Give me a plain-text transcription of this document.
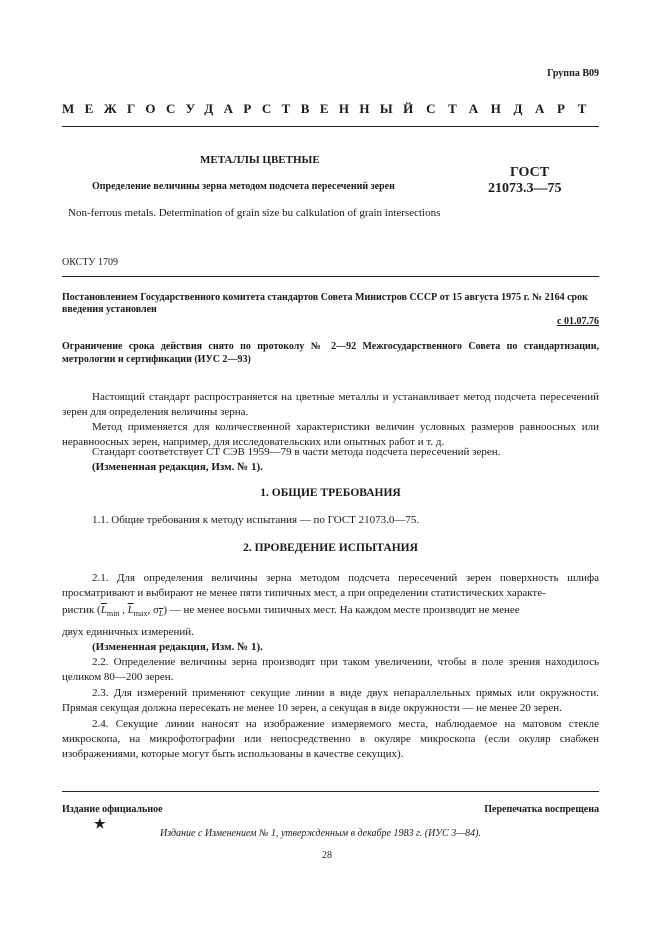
Группа В09
МЕЖГОСУДАРСТВЕННЫЙ СТАНДАРТ
МЕТАЛЛЫ ЦВЕТНЫЕ
Определение величины зерна методом подсчета пересечений зерен
ГОСТ
21073.3—75
Non-ferrous metals. Determination of grain size bu calkulation of grain intersections
ОКСТУ 1709
Постановлением Государственного комитета стандартов Совета Министров СССР от 15 августа 1975 г. № 2164 срок введения установлен
с 01.07.76
Ограничение срока действия снято по протоколу № 2—92 Межгосударственного Совета по стандартизации, метрологии и сертификации (ИУС 2—93)
Настоящий стандарт распространяется на цветные металлы и устанавливает метод подсчета пересечений зерен для определения величины зерна.
Метод применяется для количественной характеристики величин условных размеров равноосных или неравноосных зерен, например, для исследовательских или опытных работ и т. д.
Стандарт соответствует СТ СЭВ 1959—79 в части метода подсчета пересечений зерен.
(Измененная редакция, Изм. № 1).
1. ОБЩИЕ ТРЕБОВАНИЯ
1.1. Общие требования к методу испытания — по ГОСТ 21073.0—75.
2. ПРОВЕДЕНИЕ ИСПЫТАНИЯ
2.1. Для определения величины зерна методом подсчета пересечений зерен поверхность шлифа просматривают и выбирают не менее пяти типичных мест, а при определении статистических характе-
ристик ($\overline{L}_{min}$ , $\overline{L}_{max}$, $\sigma_{\overline{L}}$) — не менее восьми типичных мест. На каждом месте производят не менее
двух единичных измерений.
(Измененная редакция, Изм. № 1).
2.2. Определение величины зерна производят при таком увеличении, чтобы в поле зрения находилось целиком 80—200 зерен.
2.3. Для измерений применяют секущие линии в виде двух непараллельных прямых или окружности. Прямая секущая должна пересекать не менее 10 зерен, а секущая в виде окружности — не менее 20 зерен.
2.4. Секущие линии наносят на изображение измеряемого места, наблюдаемое на матовом стекле микроскопа, на микрофотографии или непосредственно в окуляре микроскопа (если окуляр снабжен изображениями, которые могут быть использованы в качестве секущих).
Издание официальное	Перепечатка воспрещена
★
Издание с Изменением № 1, утвержденным в декабре 1983 г. (ИУС 3—84).
28
